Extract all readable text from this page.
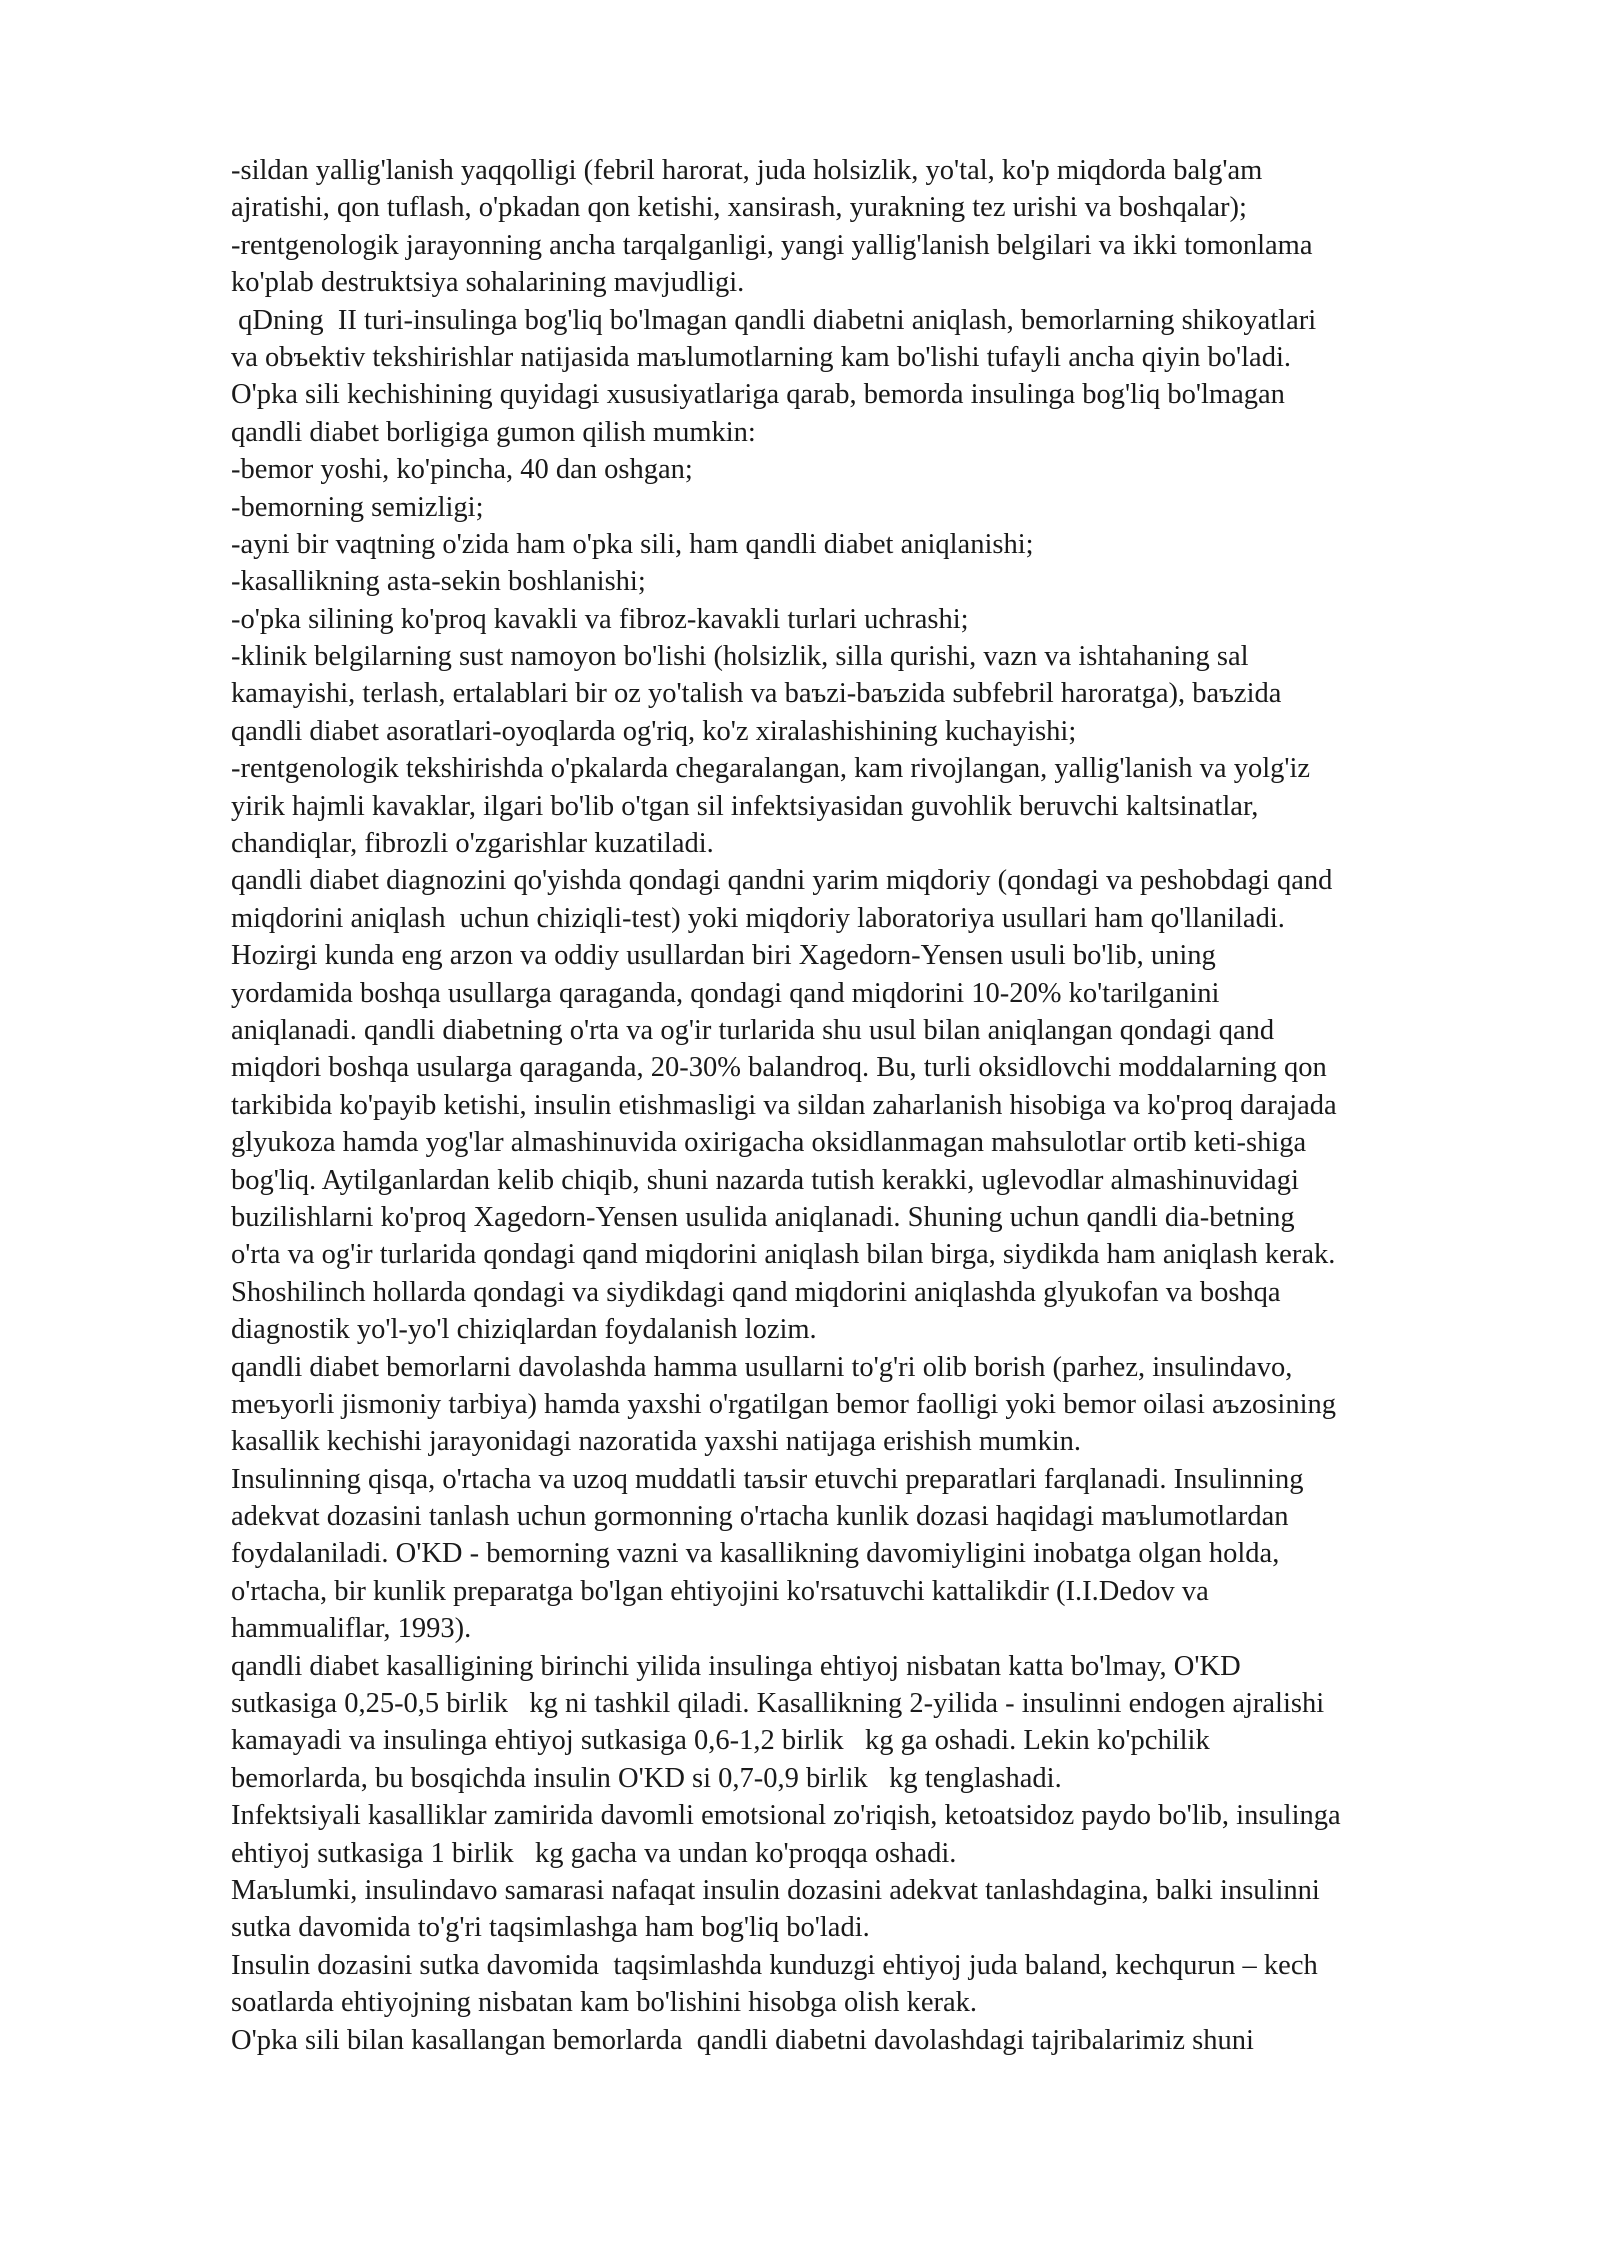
-sildan yallig'lanish yaqqolligi (febril harorat, juda holsizlik, yo'tal, ko'p miqdorda balg'am
ajratishi, qon tuflash, o'pkadan qon ketishi, xansirash, yurakning tez urishi va boshqalar);
-rentgenologik jarayonning ancha tarqalganligi, yangi yallig'lanish belgilari va ikki tomonlama
ko'plab destruktsiya sohalarining mavjudligi.
qDning  II turi-insulinga bog'liq bo'lmagan qandli diabetni aniqlash, bemorlarning shikoyatlari
va obъektiv tekshirishlar natijasida maъlumotlarning kam bo'lishi tufayli ancha qiyin bo'ladi.
O'pka sili kechishining quyidagi xususiyatlariga qarab, bemorda insulinga bog'liq bo'lmagan
qandli diabet borligiga gumon qilish mumkin:
-bemor yoshi, ko'pincha, 40 dan oshgan;
-bemorning semizligi;
-ayni bir vaqtning o'zida ham o'pka sili, ham qandli diabet aniqlanishi;
-kasallikning asta-sekin boshlanishi;
-o'pka silining ko'proq kavakli va fibroz-kavakli turlari uchrashi;
-klinik belgilarning sust namoyon bo'lishi (holsizlik, silla qurishi, vazn va ishtahaning sal
kamayishi, terlash, ertalablari bir oz yo'talish va baъzi-baъzida subfebril haroratga), baъzida
qandli diabet asoratlari-oyoqlarda og'riq, ko'z xiralashishining kuchayishi;
-rentgenologik tekshirishda o'pkalarda chegaralangan, kam rivojlangan, yallig'lanish va yolg'iz
yirik hajmli kavaklar, ilgari bo'lib o'tgan sil infektsiyasidan guvohlik beruvchi kaltsinatlar,
chandiqlar, fibrozli o'zgarishlar kuzatiladi.
qandli diabet diagnozini qo'yishda qondagi qandni yarim miqdoriy (qondagi va peshobdagi qand
miqdorini aniqlash  uchun chiziqli-test) yoki miqdoriy laboratoriya usullari ham qo'llaniladi.
Hozirgi kunda eng arzon va oddiy usullardan biri Xagedorn-Yensen usuli bo'lib, uning
yordamida boshqa usullarga qaraganda, qondagi qand miqdorini 10-20% ko'tarilganini
aniqlanadi. qandli diabetning o'rta va og'ir turlarida shu usul bilan aniqlangan qondagi qand
miqdori boshqa usularga qaraganda, 20-30% balandroq. Bu, turli oksidlovchi moddalarning qon
tarkibida ko'payib ketishi, insulin etishmasligi va sildan zaharlanish hisobiga va ko'proq darajada
glyukoza hamda yog'lar almashinuvida oxirigacha oksidlanmagan mahsulotlar ortib keti-shiga
bog'liq. Aytilganlardan kelib chiqib, shuni nazarda tutish kerakki, uglevodlar almashinuvidagi
buzilishlarni ko'proq Xagedorn-Yensen usulida aniqlanadi. Shuning uchun qandli dia-betning
o'rta va og'ir turlarida qondagi qand miqdorini aniqlash bilan birga, siydikda ham aniqlash kerak.
Shoshilinch hollarda qondagi va siydikdagi qand miqdorini aniqlashda glyukofan va boshqa
diagnostik yo'l-yo'l chiziqlardan foydalanish lozim.
qandli diabet bemorlarni davolashda hamma usullarni to'g'ri olib borish (parhez, insulindavo,
meъyorli jismoniy tarbiya) hamda yaxshi o'rgatilgan bemor faolligi yoki bemor oilasi aъzosining
kasallik kechishi jarayonidagi nazoratida yaxshi natijaga erishish mumkin.
Insulinning qisqa, o'rtacha va uzoq muddatli taъsir etuvchi preparatlari farqlanadi. Insulinning
adekvat dozasini tanlash uchun gormonning o'rtacha kunlik dozasi haqidagi maъlumotlardan
foydalaniladi. O'KD - bemorning vazni va kasallikning davomiyligini inobatga olgan holda,
o'rtacha, bir kunlik preparatga bo'lgan ehtiyojini ko'rsatuvchi kattalikdir (I.I.Dedov va
hammualiflar, 1993).
qandli diabet kasalligining birinchi yilida insulinga ehtiyoj nisbatan katta bo'lmay, O'KD
sutkasiga 0,25-0,5 birlik   kg ni tashkil qiladi. Kasallikning 2-yilida - insulinni endogen ajralishi
kamayadi va insulinga ehtiyoj sutkasiga 0,6-1,2 birlik   kg ga oshadi. Lekin ko'pchilik
bemorlarda, bu bosqichda insulin O'KD si 0,7-0,9 birlik   kg tenglashadi.
Infektsiyali kasalliklar zamirida davomli emotsional zo'riqish, ketoatsidoz paydo bo'lib, insulinga
ehtiyoj sutkasiga 1 birlik   kg gacha va undan ko'proqqa oshadi.
Maъlumki, insulindavo samarasi nafaqat insulin dozasini adekvat tanlashdagina, balki insulinni
sutka davomida to'g'ri taqsimlashga ham bog'liq bo'ladi.
Insulin dozasini sutka davomida  taqsimlashda kunduzgi ehtiyoj juda baland, kechqurun – kech
soatlarda ehtiyojning nisbatan kam bo'lishini hisobga olish kerak.
O'pka sili bilan kasallangan bemorlarda  qandli diabetni davolashdagi tajribalarimiz shuni
